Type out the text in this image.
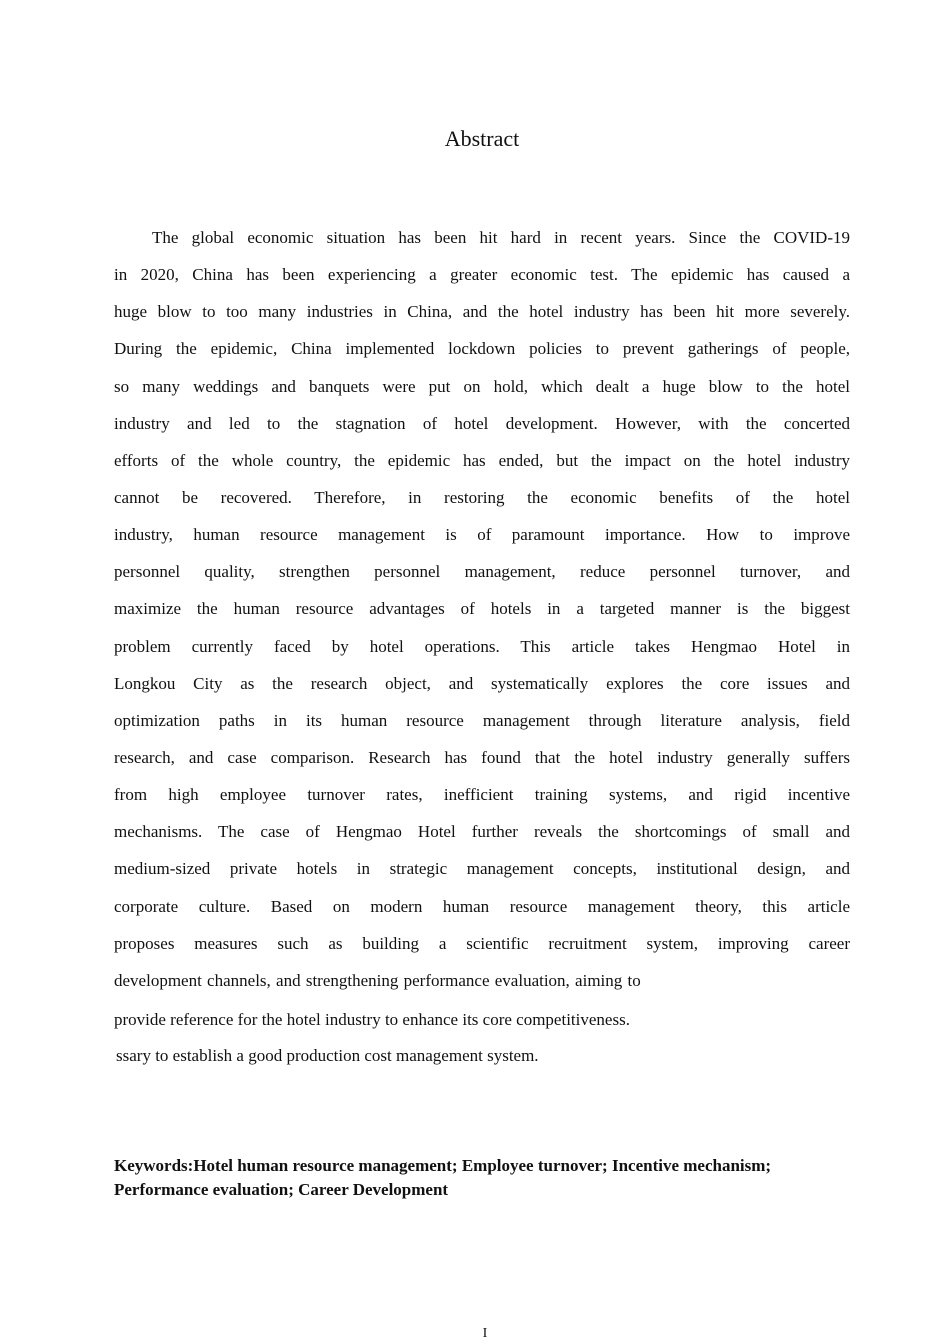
Abstract
The global economic situation has been hit hard in recent years. Since the COVID-19
in 2020, China has been experiencing a greater economic test. The epidemic has caused a
huge blow to too many industries in China, and the hotel industry has been hit more severely.
During the epidemic, China implemented lockdown policies to prevent gatherings of people,
so many weddings and banquets were put on hold, which dealt a huge blow to the hotel
industry and led to the stagnation of hotel development. However, with the concerted
efforts of the whole country, the epidemic has ended, but the impact on the hotel industry
cannot be recovered. Therefore, in restoring the economic benefits of the hotel
industry, human resource management is of paramount importance. How to improve
personnel quality, strengthen personnel management, reduce personnel turnover, and
maximize the human resource advantages of hotels in a targeted manner is the biggest
problem currently faced by hotel operations. This article takes Hengmao Hotel in
Longkou City as the research object, and systematically explores the core issues and
optimization paths in its human resource management through literature analysis, field
research, and case comparison. Research has found that the hotel industry generally suffers
from high employee turnover rates, inefficient training systems, and rigid incentive
mechanisms. The case of Hengmao Hotel further reveals the shortcomings of small and
medium-sized private hotels in strategic management concepts, institutional design, and
corporate culture. Based on modern human resource management theory, this article
proposes measures such as building a scientific recruitment system, improving career
development channels, and strengthening performance evaluation, aiming to
provide reference for the hotel industry to enhance its core competitiveness.
ssary to establish a good production cost management system.
Keywords:Hotel human resource management; Employee turnover; Incentive mechanism;
Performance evaluation; Career Development
I
